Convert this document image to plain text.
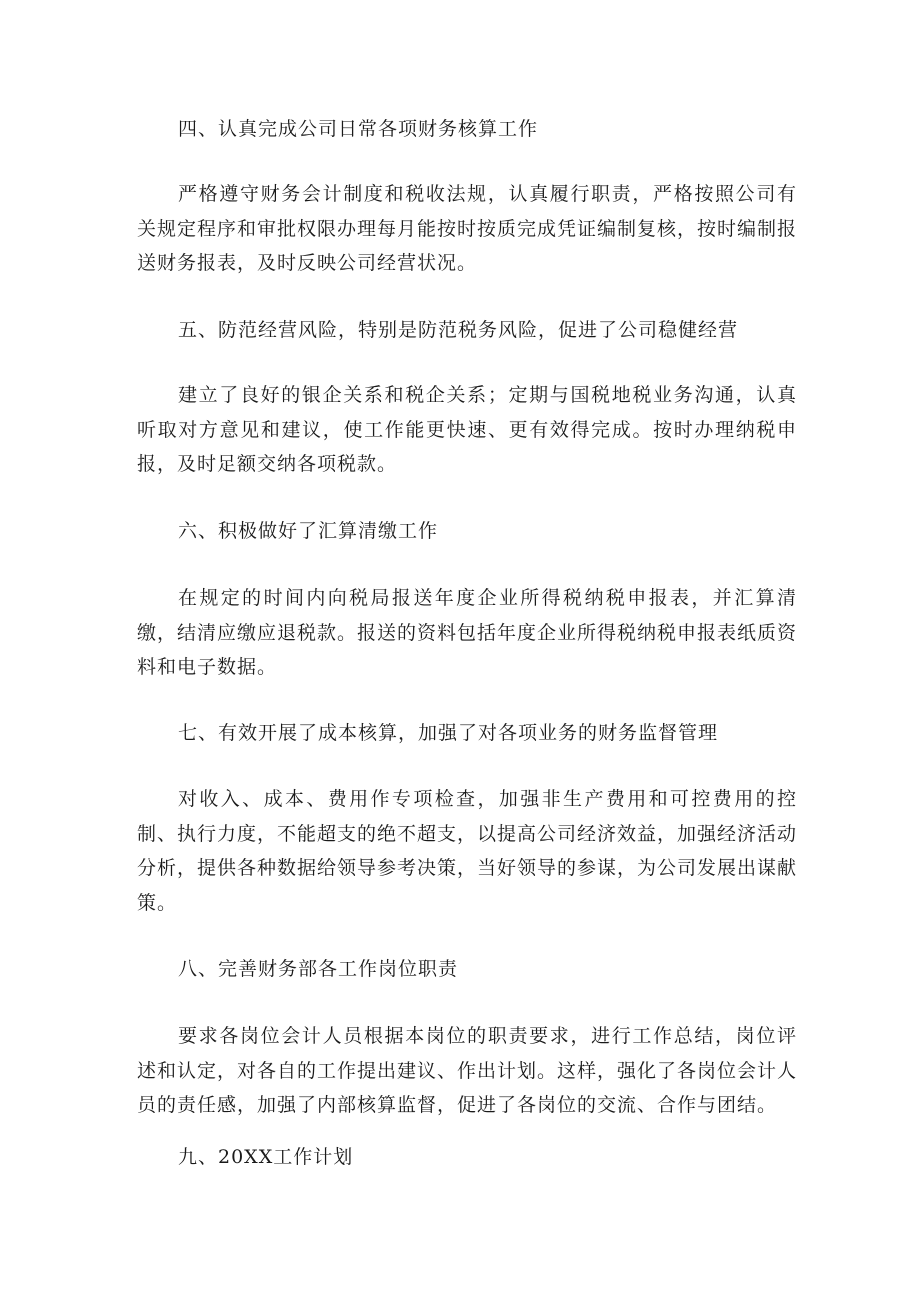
四、认真完成公司日常各项财务核算工作
严格遵守财务会计制度和税收法规，认真履行职责，严格按照公司有关规定程序和审批权限办理每月能按时按质完成凭证编制复核，按时编制报送财务报表，及时反映公司经营状况。
五、防范经营风险，特别是防范税务风险，促进了公司稳健经营
建立了良好的银企关系和税企关系；定期与国税地税业务沟通，认真听取对方意见和建议，使工作能更快速、更有效得完成。按时办理纳税申报，及时足额交纳各项税款。
六、积极做好了汇算清缴工作
在规定的时间内向税局报送年度企业所得税纳税申报表，并汇算清缴，结清应缴应退税款。报送的资料包括年度企业所得税纳税申报表纸质资料和电子数据。
七、有效开展了成本核算，加强了对各项业务的财务监督管理
对收入、成本、费用作专项检查，加强非生产费用和可控费用的控制、执行力度，不能超支的绝不超支，以提高公司经济效益，加强经济活动分析，提供各种数据给领导参考决策，当好领导的参谋，为公司发展出谋献策。
八、完善财务部各工作岗位职责
要求各岗位会计人员根据本岗位的职责要求，进行工作总结，岗位评述和认定，对各自的工作提出建议、作出计划。这样，强化了各岗位会计人员的责任感，加强了内部核算监督，促进了各岗位的交流、合作与团结。
九、20XX工作计划
